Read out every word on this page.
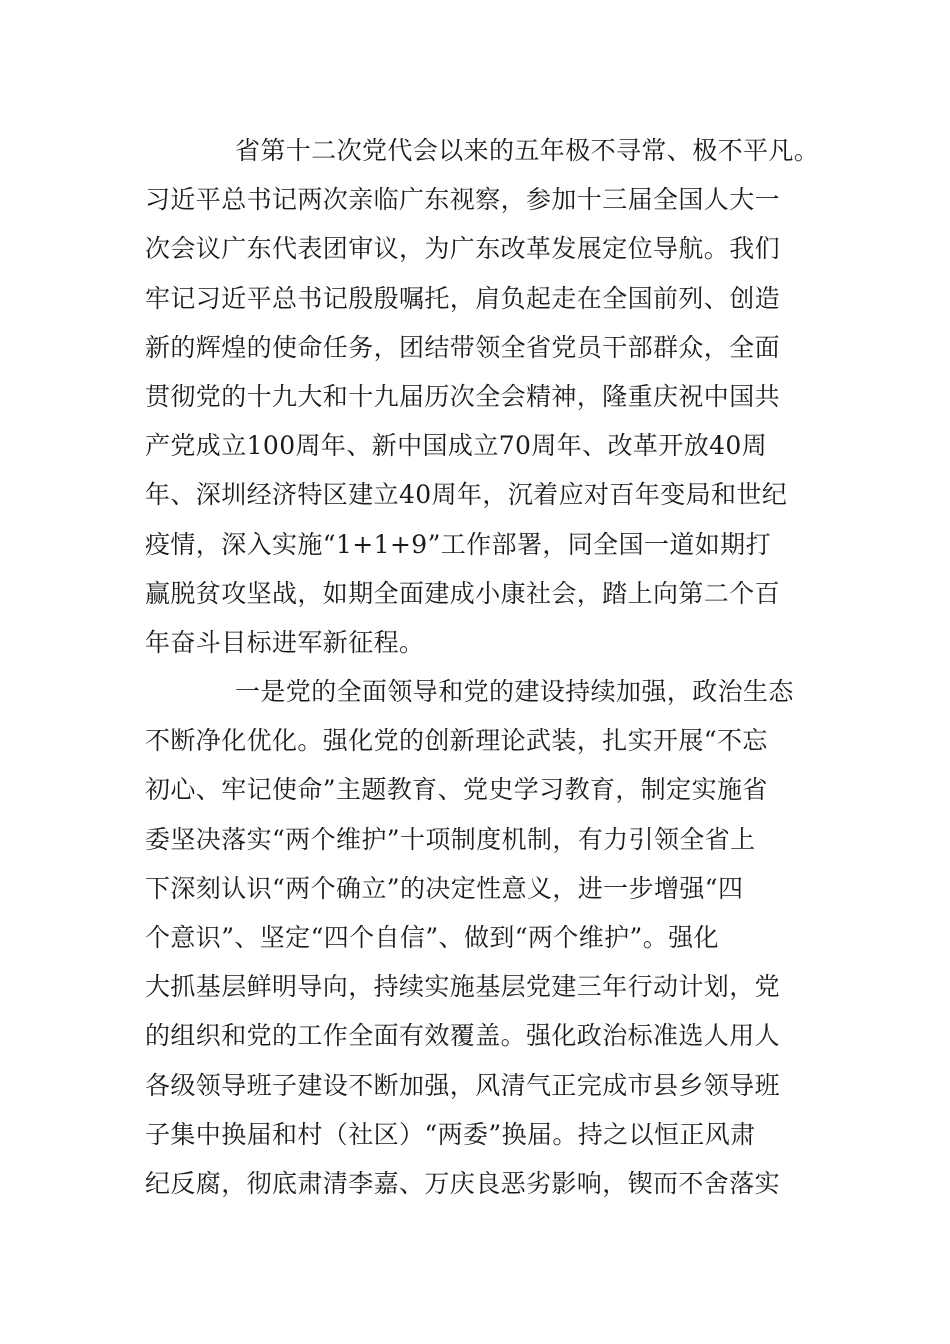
省第十二次党代会以来的五年极不寻常、极不平凡。
习近平总书记两次亲临广东视察，参加十三届全国人大一
次会议广东代表团审议，为广东改革发展定位导航。我们
牢记习近平总书记殷殷嘱托，肩负起走在全国前列、创造
新的辉煌的使命任务，团结带领全省党员干部群众，全面
贯彻党的十九大和十九届历次全会精神，隆重庆祝中国共
产党成立100周年、新中国成立70周年、改革开放40周
年、深圳经济特区建立40周年，沉着应对百年变局和世纪
疫情，深入实施“1+1+9”工作部署，同全国一道如期打
赢脱贫攻坚战，如期全面建成小康社会，踏上向第二个百
年奋斗目标进军新征程。
一是党的全面领导和党的建设持续加强，政治生态
不断净化优化。强化党的创新理论武装，扎实开展“不忘
初心、牢记使命”主题教育、党史学习教育，制定实施省
委坚决落实“两个维护”十项制度机制，有力引领全省上
下深刻认识“两个确立”的决定性意义，进一步增强“四
个意识”、坚定“四个自信”、做到“两个维护”。强化
大抓基层鲜明导向，持续实施基层党建三年行动计划，党
的组织和党的工作全面有效覆盖。强化政治标准选人用人
各级领导班子建设不断加强，风清气正完成市县乡领导班
子集中换届和村（社区）“两委”换届。持之以恒正风肃
纪反腐，彻底肃清李嘉、万庆良恶劣影响，锲而不舍落实
